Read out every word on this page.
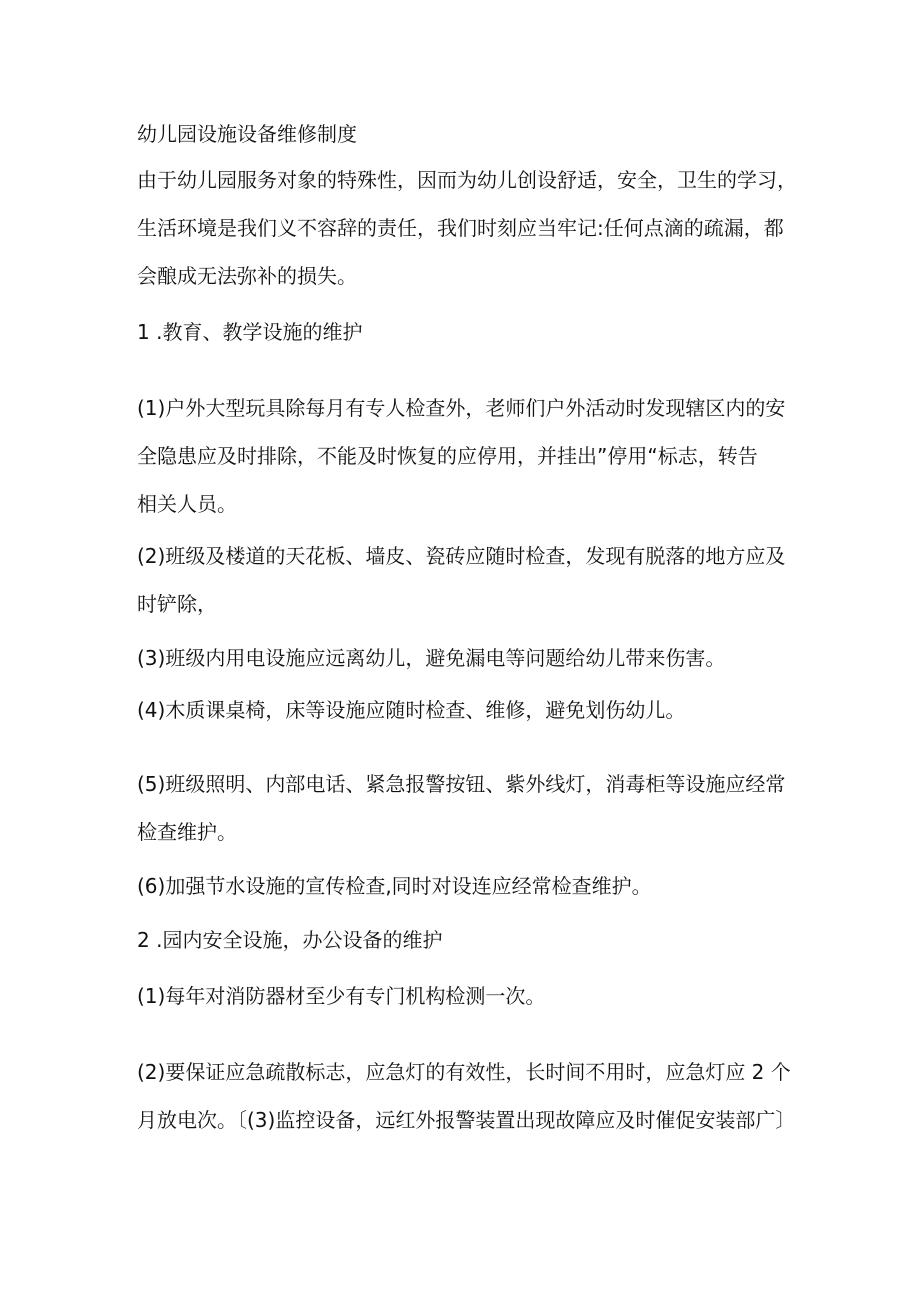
幼儿园设施设备维修制度
由于幼儿园服务对象的特殊性，因而为幼儿创设舒适，安全，卫生的学习，
生活环境是我们义不容辞的责任，我们时刻应当牢记:任何点滴的疏漏，都
会酿成无法弥补的损失。
1 .教育、教学设施的维护
(1)户外大型玩具除每月有专人检查外，老师们户外活动时发现辖区内的安
全隐患应及时排除，不能及时恢复的应停用，并挂出”停用“标志，转告
相关人员。
(2)班级及楼道的天花板、墙皮、瓷砖应随时检查，发现有脱落的地方应及
时铲除，
(3)班级内用电设施应远离幼儿，避免漏电等问题给幼儿带来伤害。
(4)木质课桌椅，床等设施应随时检查、维修，避免划伤幼儿。
(5)班级照明、内部电话、紧急报警按钮、紫外线灯，消毒柜等设施应经常
检查维护。
(6)加强节水设施的宣传检查,同时对设连应经常检查维护。
2 .园内安全设施，办公设备的维护
(1)每年对消防器材至少有专门机构检测一次。
(2)要保证应急疏散标志，应急灯的有效性，长时间不用时，应急灯应 2 个
月放电次。〔(3)监控设备，远红外报警装置出现故障应及时催促安装部广〕
